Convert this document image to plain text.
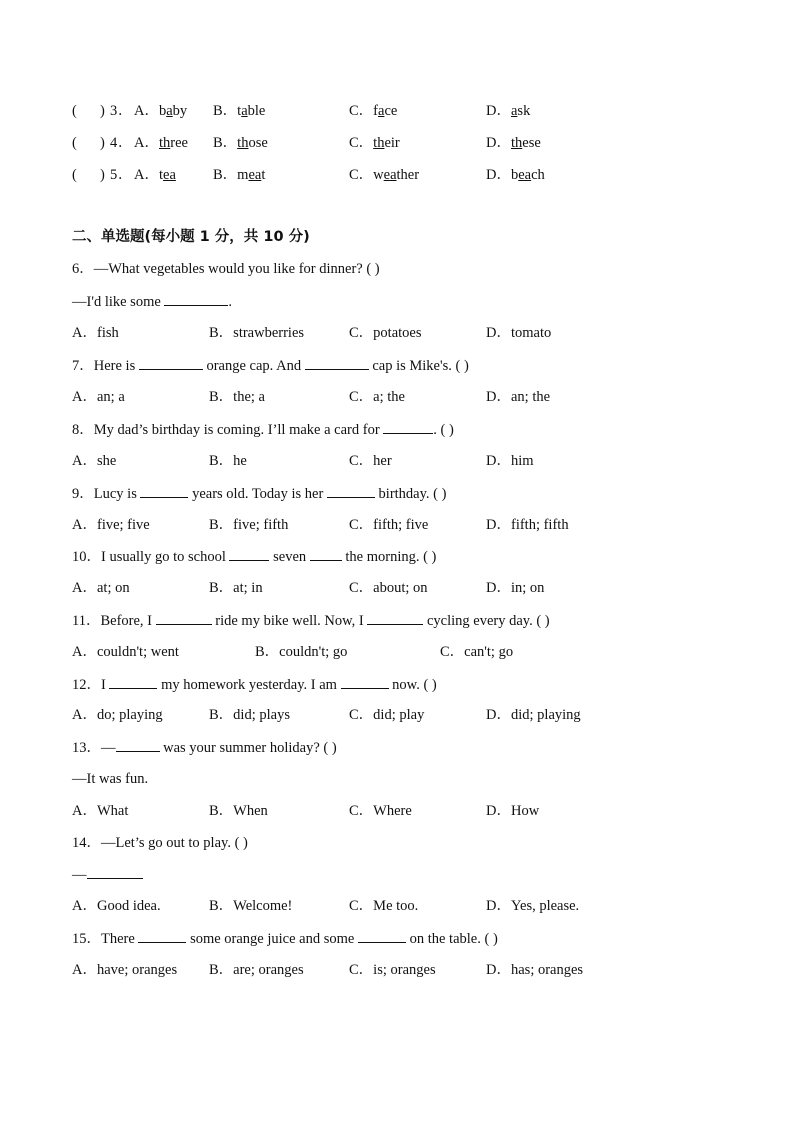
( ) 3 ． A．baby B．table	C．face	D．ask
( ) 4 ． A．three B．those	C．their	D．these
( ) 5 ． A．tea	B．meat	C．weather	D．beach
二、单选题(每小题 1 分，共 10 分)
6．—What vegetables would you like for dinner? ( )
—I'd like some	.
A．fish	B．strawberries	C．potatoes	D．tomato
7．Here is	orange cap. And	cap is Mike's. ( )
A．an; a	B．the; a	C．a; the	D．an; the
8．My dad’s birthday is coming. I’ll make a card for	. ( )
A．she	B．he	C．her	D．him
9．Lucy is	years old. Today is her	birthday. ( )
A．five; five	B．five; fifth	C．fifth; five	D．fifth; fifth
10．I usually go to school	seven	the morning. ( )
A．at; on	B．at; in	C．about; on	D．in; on
11．Before, I	ride my bike well. Now, I	cycling every day. ( )
A．couldn't; went	B．couldn't; go	C．can't; go
12．I	my homework yesterday. I am	now. ( )
A．do; playing	B．did; plays	C．did; play	D．did; playing
13．—	was your summer holiday? ( )
—It was fun.
A．What	B．When	C．Where	D．How
14．—Let’s go out to play. ( )
—
A．Good idea.	B．Welcome!	C．Me too.	D．Yes, please.
15．There	some orange juice and some	on the table. ( )
A．have; oranges B．are; oranges	C．is; oranges	D．has; oranges
